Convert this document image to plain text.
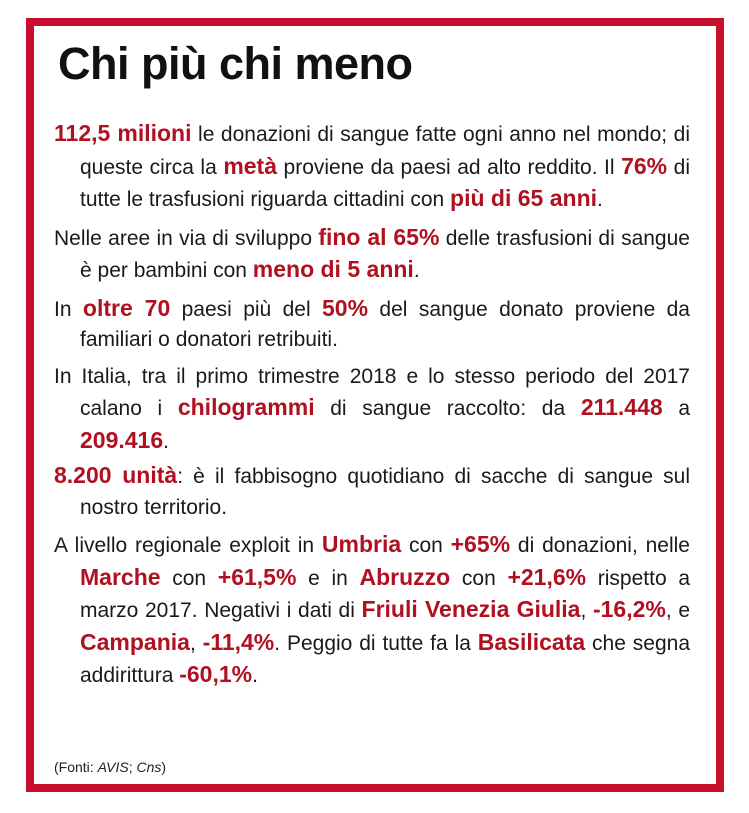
Chi più chi meno

112,5 milioni le donazioni di sangue fatte ogni anno nel mondo; di queste circa la metà proviene da paesi ad alto reddito. Il 76% di tutte le trasfusioni riguarda cittadini con più di 65 anni.

Nelle aree in via di sviluppo fino al 65% delle trasfusioni di sangue è per bambini con meno di 5 anni.

In oltre 70 paesi più del 50% del sangue donato proviene da familiari o donatori retribuiti.

In Italia, tra il primo trimestre 2018 e lo stesso periodo del 2017 calano i chilogrammi di sangue raccolto: da 211.448 a 209.416.

8.200 unità: è il fabbisogno quotidiano di sacche di sangue sul nostro territorio.

A livello regionale exploit in Umbria con +65% di donazioni, nelle Marche con +61,5% e in Abruzzo con +21,6% rispetto a marzo 2017. Negativi i dati di Friuli Venezia Giulia, -16,2%, e Campania, -11,4%. Peggio di tutte fa la Basilicata che segna addirittura -60,1%.

(Fonti: AVIS; Cns)
